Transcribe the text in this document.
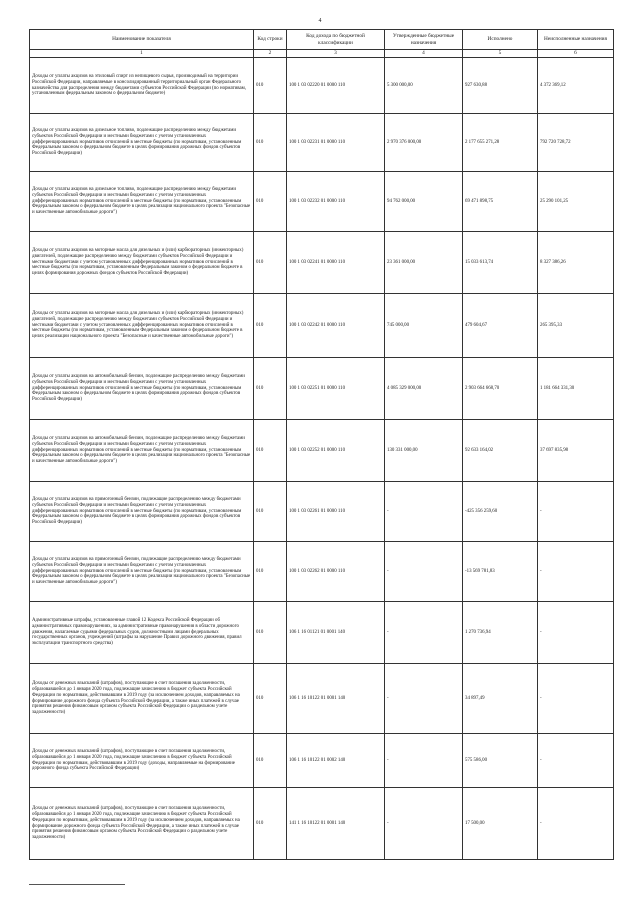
4
Наименование показателя	Код строки	Код дохода по бюджетной классификации	Утвержденные бюджетные назначения	Исполнено	Неисполненные назначения
1	2	3	4	5	6
Доходы от уплаты акцизов на этиловый спирт из непищевого сырья, производимый на территории Российской Федерации, направляемые в консолидированный территориальный орган Федерального казначейства для распределения между бюджетами субъектов Российской Федерации (по нормативам, установленным федеральным законом о федеральном бюджете)	010	100 1 03 02220 01 0000 110	5 300 000,00	927 630,88	4 372 369,12
Доходы от уплаты акцизов на дизельное топливо, подлежащие распределению между бюджетами субъектов Российской Федерации и местными бюджетами с учетом установленных дифференцированных нормативов отчислений в местные бюджеты (по нормативам, установленным Федеральным законом о федеральном бюджете в целях формирования дорожных фондов субъектов Российской Федерации)	010	100 1 03 02231 01 0000 110	2 970 376 000,00	2 177 655 271,28	792 720 728,72
Доходы от уплаты акцизов на дизельное топливо, подлежащие распределению между бюджетами субъектов Российской Федерации и местными бюджетами с учетом установленных дифференцированных нормативов отчислений в местные бюджеты (по нормативам, установленным Федеральным законом о федеральном бюджете в целях реализации национального проекта "Безопасные и качественные автомобильные дороги")	010	100 1 03 02232 01 0000 110	94 762 000,00	69 471 898,75	25 290 101,25
Доходы от уплаты акцизов на моторные масла для дизельных и (или) карбюраторных (инжекторных) двигателей, подлежащие распределению между бюджетами субъектов Российской Федерации и местными бюджетами с учетом установленных дифференцированных нормативов отчислений в местные бюджеты (по нормативам, установленным Федеральным законом о федеральном бюджете в целях формирования дорожных фондов субъектов Российской Федерации)	010	100 1 03 02241 01 0000 110	23 361 000,00	15 033 613,74	8 327 386,26
Доходы от уплаты акцизов на моторные масла для дизельных и (или) карбюраторных (инжекторных) двигателей, подлежащие распределению между бюджетами субъектов Российской Федерации и местными бюджетами с учетом установленных дифференцированных нормативов отчислений в местные бюджеты (по нормативам, установленным Федеральным законом о федеральном бюджете в целях реализации национального проекта "Безопасные и качественные автомобильные дороги")	010	100 1 03 02242 01 0000 110	745 000,00	479 604,67	265 395,33
Доходы от уплаты акцизов на автомобильный бензин, подлежащие распределению между бюджетами субъектов Российской Федерации и местными бюджетами с учетом установленных дифференцированных нормативов отчислений в местные бюджеты (по нормативам, установленным Федеральным законом о федеральном бюджете в целях формирования дорожных фондов субъектов Российской Федерации)	010	100 1 03 02251 01 0000 110	4 085 329 000,00	2 903 664 668,70	1 181 664 331,30
Доходы от уплаты акцизов на автомобильный бензин, подлежащие распределению между бюджетами субъектов Российской Федерации и местными бюджетами с учетом установленных дифференцированных нормативов отчислений в местные бюджеты (по нормативам, установленным Федеральным законом о федеральном бюджете в целях реализации национального проекта "Безопасные и качественные автомобильные дороги")	010	100 1 03 02252 01 0000 110	130 331 000,00	92 633 164,02	37 697 835,98
Доходы от уплаты акцизов на прямогонный бензин, подлежащие распределению между бюджетами субъектов Российской Федерации и местными бюджетами с учетом установленных дифференцированных нормативов отчислений в местные бюджеты (по нормативам, установленным Федеральным законом о федеральном бюджете в целях формирования дорожных фондов субъектов Российской Федерации)	010	100 1 03 02261 01 0000 110	-	-425 356 259,60	-
Доходы от уплаты акцизов на прямогонный бензин, подлежащие распределению между бюджетами субъектов Российской Федерации и местными бюджетами с учетом установленных дифференцированных нормативов отчислений в местные бюджеты (по нормативам, установленным Федеральным законом о федеральном бюджете в целях реализации национального проекта "Безопасные и качественные автомобильные дороги")	010	100 1 03 02262 01 0000 110	-	-13 569 781,83	-
Административные штрафы, установленные главой 12 Кодекса Российской Федерации об административных правонарушениях, за административные правонарушения в области дорожного движения, налагаемые судьями федеральных судов, должностными лицами федеральных государственных органов, учреждений (штрафы за нарушение Правил дорожного движения, правил эксплуатации транспортного средства)	010	106 1 16 01121 01 0001 140	-	1 270 736,94	-
Доходы от денежных взысканий (штрафов), поступающие в счет погашения задолженности, образовавшейся до 1 января 2020 года, подлежащие зачислению в бюджет субъекта Российской Федерации по нормативам, действовавшим в 2019 году (за исключением доходов, направляемых на формирование дорожного фонда субъекта Российской Федерации, а также иных платежей в случае принятия решения финансовым органом субъекта Российской Федерации о раздельном учете задолженности)	010	106 1 16 10122 01 0001 140	-	34 897,49	-
Доходы от денежных взысканий (штрафов), поступающие в счет погашения задолженности, образовавшейся до 1 января 2020 года, подлежащие зачислению в бюджет субъекта Российской Федерации по нормативам, действовавшим в 2019 году (доходы, направляемые на формирование дорожного фонда субъекта Российской Федерации)	010	106 1 16 10122 01 0002 140	-	575 586,00	-
Доходы от денежных взысканий (штрафов), поступающие в счет погашения задолженности, образовавшейся до 1 января 2020 года, подлежащие зачислению в бюджет субъекта Российской Федерации по нормативам, действовавшим в 2019 году (за исключением доходов, направляемых на формирование дорожного фонда субъекта Российской Федерации, а также иных платежей в случае принятия решения финансовым органом субъекта Российской Федерации о раздельном учете задолженности)	010	141 1 16 10122 01 0001 140	-	17 500,00	-
